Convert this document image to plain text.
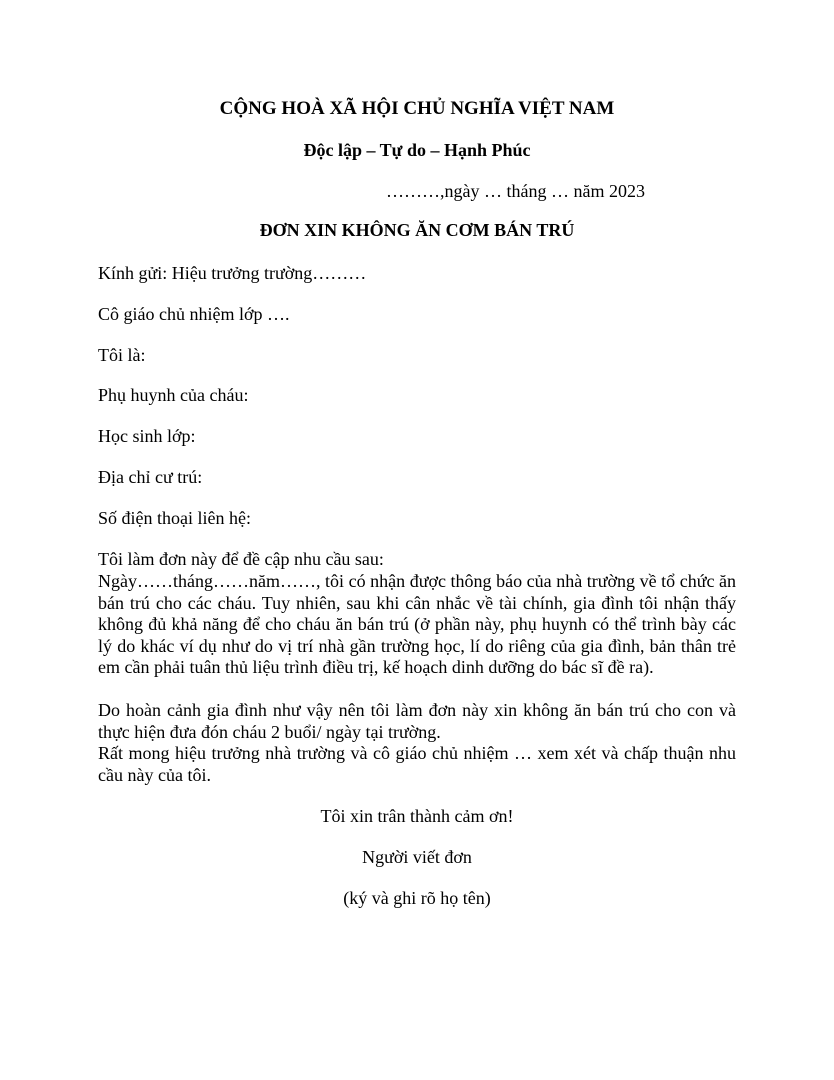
CỘNG HOÀ XÃ HỘI CHỦ NGHĨA VIỆT NAM
Độc lập – Tự do – Hạnh Phúc
………,ngày … tháng … năm 2023
ĐƠN XIN KHÔNG ĂN CƠM BÁN TRÚ
Kính gửi: Hiệu trưởng trường………
Cô giáo chủ nhiệm lớp ….
Tôi là:
Phụ huynh của cháu:
Học sinh lớp:
Địa chỉ cư trú:
Số điện thoại liên hệ:

Tôi làm đơn này để đề cập nhu cầu sau:

Ngày……tháng……năm……, tôi có nhận được thông báo của nhà trường về tổ chức ăn bán trú cho các cháu. Tuy nhiên, sau khi cân nhắc về tài chính, gia đình tôi nhận thấy không đủ khả năng để cho cháu ăn bán trú (ở phần này, phụ huynh có thể trình bày các lý do khác ví dụ như do vị trí nhà gần trường học, lí do riêng của gia đình, bản thân trẻ em cần phải tuân thủ liệu trình điều trị, kế hoạch dinh dưỡng do bác sĩ đề ra).

Do hoàn cảnh gia đình như vậy nên tôi làm đơn này xin không ăn bán trú cho con và thực hiện đưa đón cháu 2 buổi/ ngày tại trường.

Rất mong hiệu trưởng nhà trường và cô giáo chủ nhiệm … xem xét và chấp thuận nhu cầu này của tôi.

Tôi xin trân thành cảm ơn!
Người viết đơn
(ký và ghi rõ họ tên)
